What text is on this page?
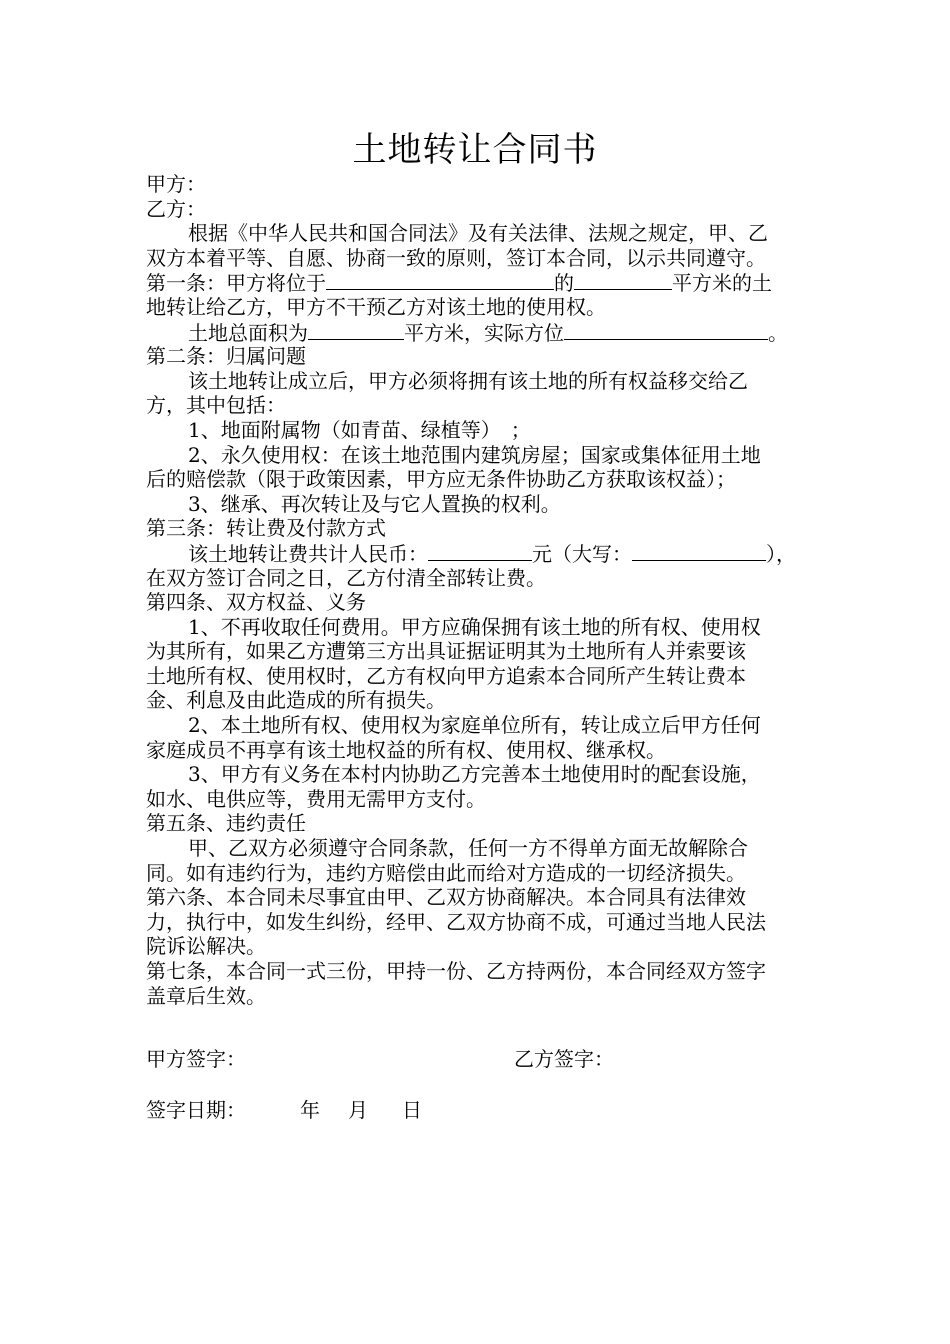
土地转让合同书
甲方：
乙方：
根据《中华人民共和国合同法》及有关法律、法规之规定，甲、乙
双方本着平等、自愿、协商一致的原则，签订本合同，以示共同遵守。
第一条：甲方将位于	的	平方米的土
地转让给乙方，甲方不干预乙方对该土地的使用权。
土地总面积为	平方米，实际方位	。
第二条：归属问题
该土地转让成立后，甲方必须将拥有该土地的所有权益移交给乙
方，其中包括：
1、地面附属物（如青苗、绿植等）　；
2、永久使用权：在该土地范围内建筑房屋；国家或集体征用土地
后的赔偿款（限于政策因素，甲方应无条件协助乙方获取该权益）；
3、继承、再次转让及与它人置换的权利。
第三条：转让费及付款方式
该土地转让费共计人民币：	元（大写：	），
在双方签订合同之日，乙方付清全部转让费。
第四条、双方权益、义务
1、不再收取任何费用。甲方应确保拥有该土地的所有权、使用权
为其所有，如果乙方遭第三方出具证据证明其为土地所有人并索要该
土地所有权、使用权时，乙方有权向甲方追索本合同所产生转让费本
金、利息及由此造成的所有损失。
2、本土地所有权、使用权为家庭单位所有，转让成立后甲方任何
家庭成员不再享有该土地权益的所有权、使用权、继承权。
3、甲方有义务在本村内协助乙方完善本土地使用时的配套设施，
如水、电供应等，费用无需甲方支付。
第五条、违约责任
甲、乙双方必须遵守合同条款，任何一方不得单方面无故解除合
同。如有违约行为，违约方赔偿由此而给对方造成的一切经济损失。
第六条、本合同未尽事宜由甲、乙双方协商解决。本合同具有法律效
力，执行中，如发生纠纷，经甲、乙双方协商不成，可通过当地人民法
院诉讼解决。
第七条，本合同一式三份，甲持一份、乙方持两份，本合同经双方签字
盖章后生效。
甲方签字：	乙方签字：
签字日期：	年 月 日
